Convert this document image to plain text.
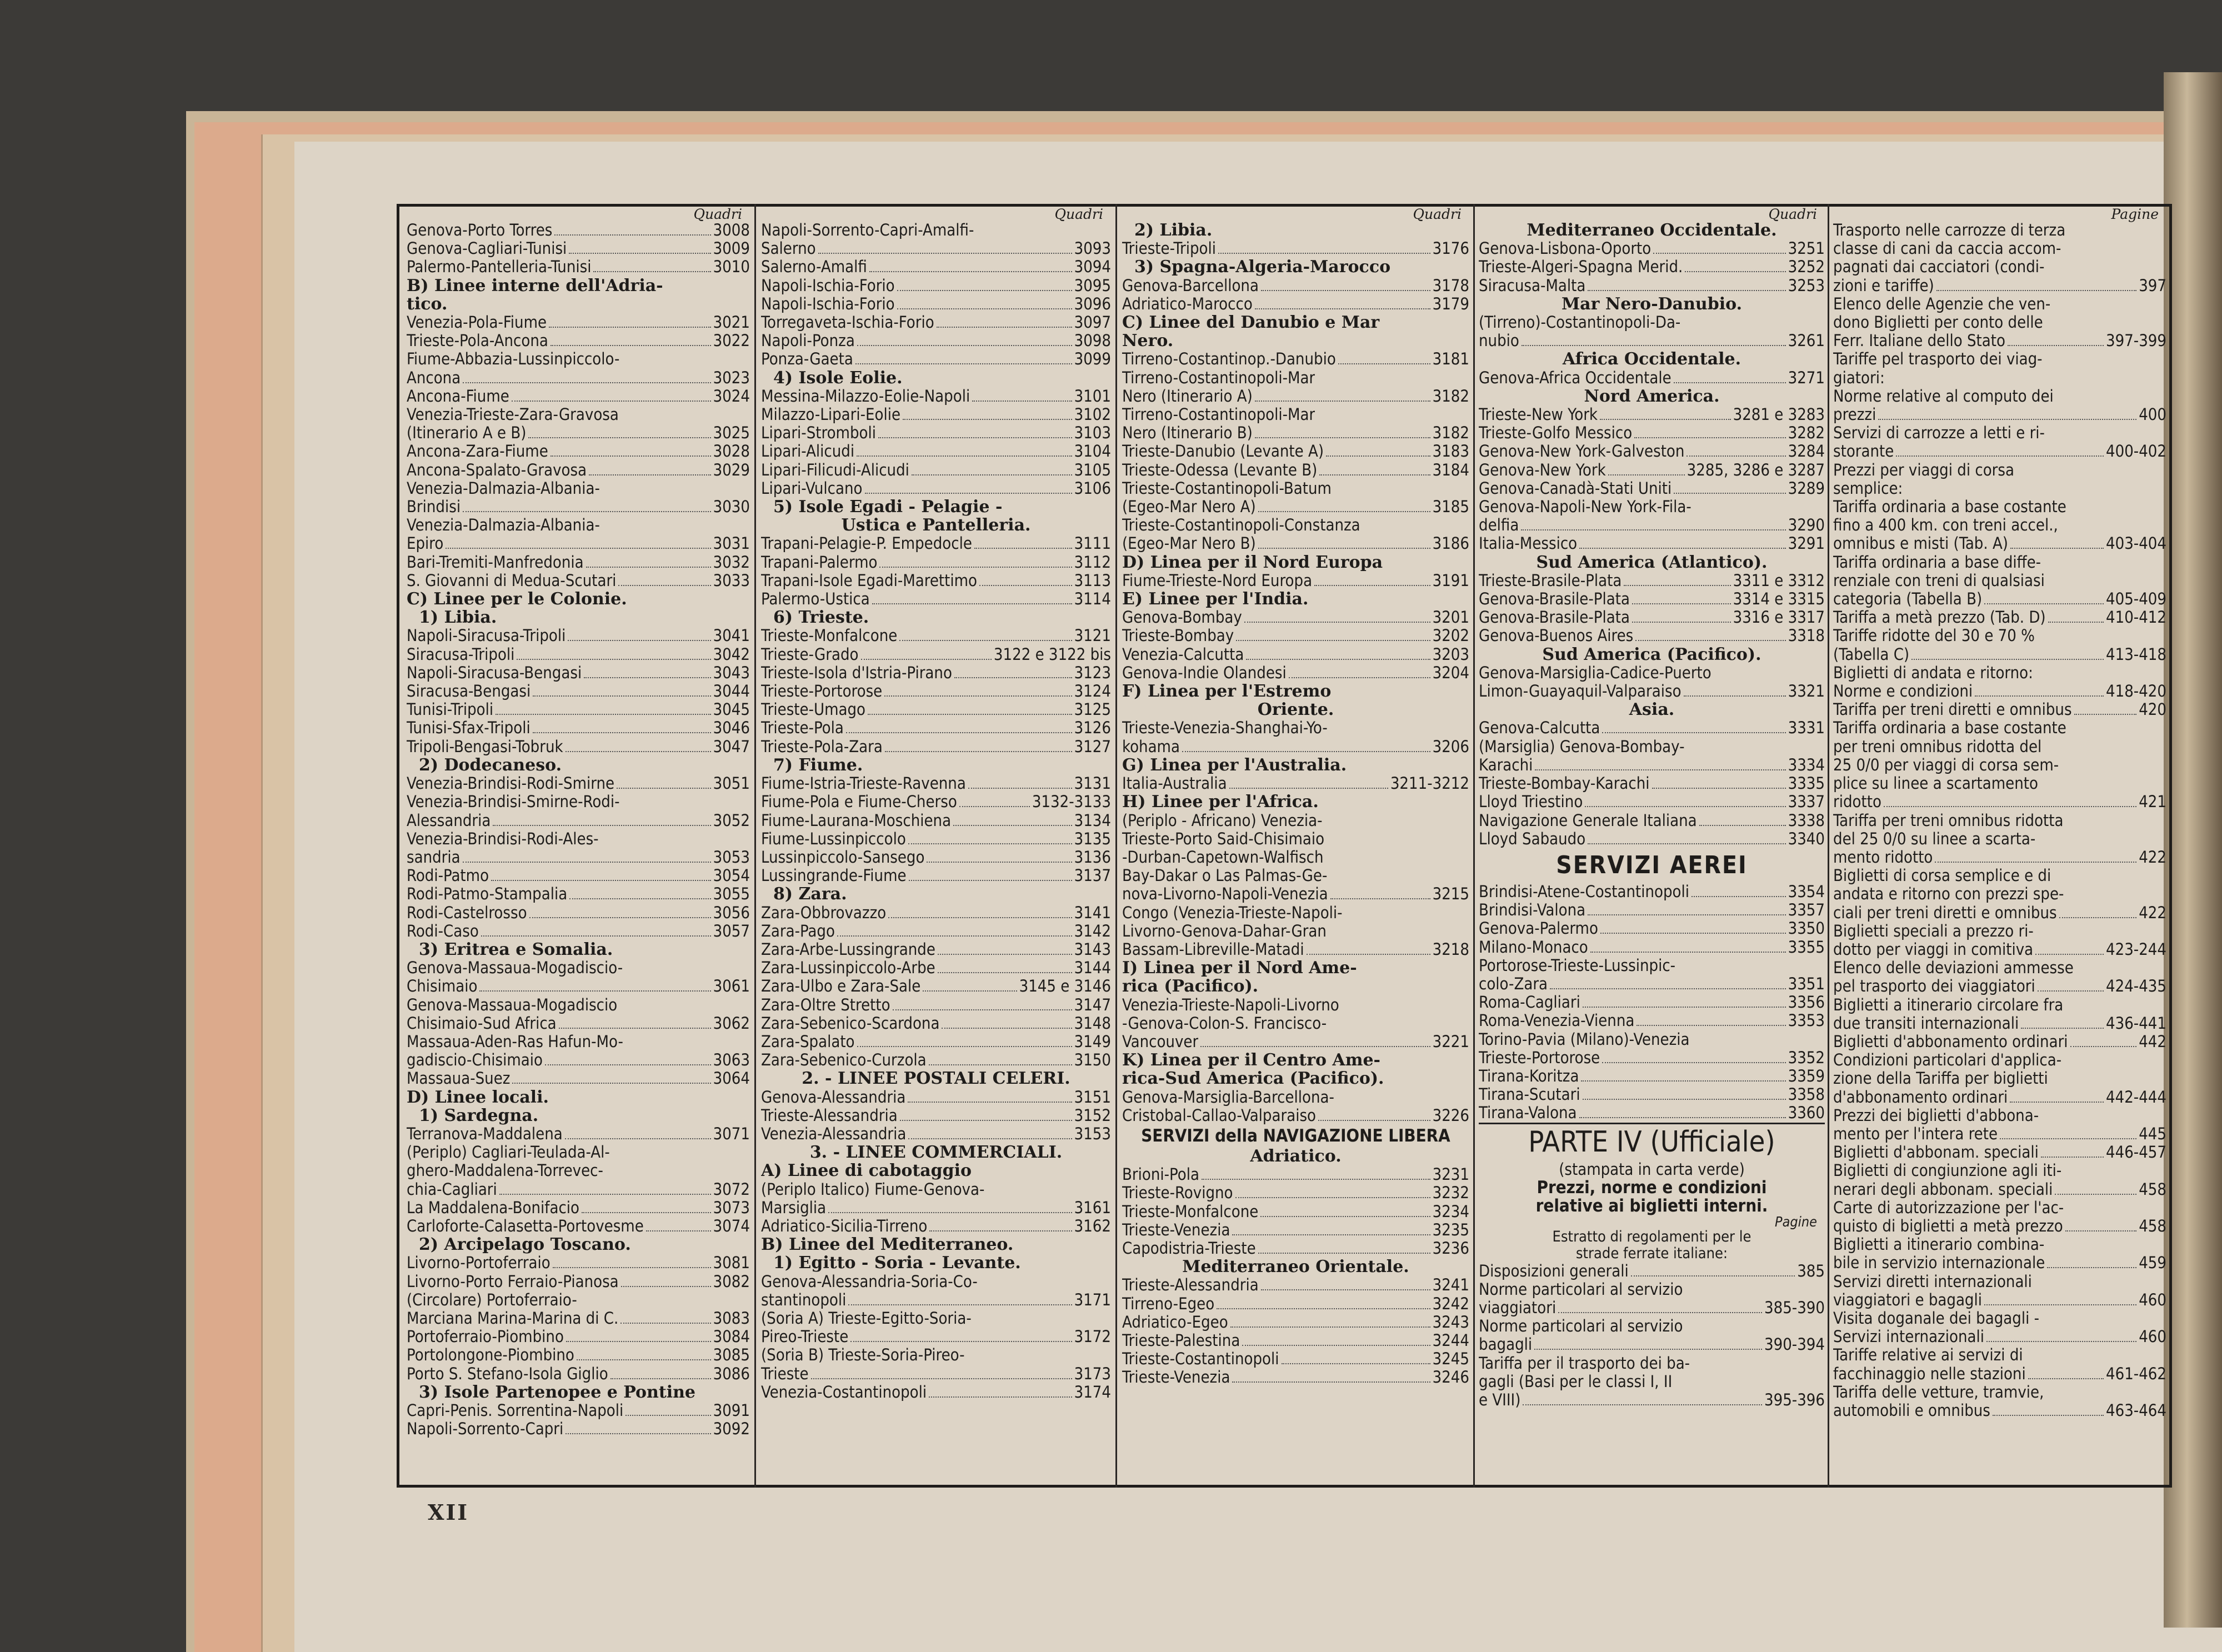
Quadri
Genova-Porto Torres	3008
Genova-Cagliari-Tunisi	3009
Palermo-Pantelleria-Tunisi	3010
B) Linee interne dell'Adria-
tico.
Venezia-Pola-Fiume	3021
Trieste-Pola-Ancona	3022
Fiume-Abbazia-Lussinpiccolo-
Ancona	3023
Ancona-Fiume	3024
Venezia-Trieste-Zara-Gravosa
(Itinerario A e B)	3025
Ancona-Zara-Fiume	3028
Ancona-Spalato-Gravosa	3029
Venezia-Dalmazia-Albania-
Brindisi	3030
Venezia-Dalmazia-Albania-
Epiro	3031
Bari-Tremiti-Manfredonia	3032
S. Giovanni di Medua-Scutari	3033
C) Linee per le Colonie.
1) Libia.
Napoli-Siracusa-Tripoli	3041
Siracusa-Tripoli	3042
Napoli-Siracusa-Bengasi	3043
Siracusa-Bengasi	3044
Tunisi-Tripoli	3045
Tunisi-Sfax-Tripoli	3046
Tripoli-Bengasi-Tobruk	3047
2) Dodecaneso.
Venezia-Brindisi-Rodi-Smirne	3051
Venezia-Brindisi-Smirne-Rodi-
Alessandria	3052
Venezia-Brindisi-Rodi-Ales-
sandria	3053
Rodi-Patmo	3054
Rodi-Patmo-Stampalia	3055
Rodi-Castelrosso	3056
Rodi-Caso	3057
3) Eritrea e Somalia.
Genova-Massaua-Mogadiscio-
Chisimaio	3061
Genova-Massaua-Mogadiscio
Chisimaio-Sud Africa	3062
Massaua-Aden-Ras Hafun-Mo-
gadiscio-Chisimaio	3063
Massaua-Suez	3064
D) Linee locali.
1) Sardegna.
Terranova-Maddalena	3071
(Periplo) Cagliari-Teulada-Al-
ghero-Maddalena-Torrevec-
chia-Cagliari	3072
La Maddalena-Bonifacio	3073
Carloforte-Calasetta-Portovesme	3074
2) Arcipelago Toscano.
Livorno-Portoferraio	3081
Livorno-Porto Ferraio-Pianosa	3082
(Circolare) Portoferraio-
Marciana Marina-Marina di C.	3083
Portoferraio-Piombino	3084
Portolongone-Piombino	3085
Porto S. Stefano-Isola Giglio	3086
3) Isole Partenopee e Pontine
Capri-Penis. Sorrentina-Napoli	3091
Napoli-Sorrento-Capri	3092
Quadri
Napoli-Sorrento-Capri-Amalfi-
Salerno	3093
Salerno-Amalfi	3094
Napoli-Ischia-Forio	3095
Napoli-Ischia-Forio	3096
Torregaveta-Ischia-Forio	3097
Napoli-Ponza	3098
Ponza-Gaeta	3099
4) Isole Eolie.
Messina-Milazzo-Eolie-Napoli	3101
Milazzo-Lipari-Eolie	3102
Lipari-Stromboli	3103
Lipari-Alicudi	3104
Lipari-Filicudi-Alicudi	3105
Lipari-Vulcano	3106
5) Isole Egadi - Pelagie -
Ustica e Pantelleria.
Trapani-Pelagie-P. Empedocle	3111
Trapani-Palermo	3112
Trapani-Isole Egadi-Marettimo	3113
Palermo-Ustica	3114
6) Trieste.
Trieste-Monfalcone	3121
Trieste-Grado	3122 e 3122 bis
Trieste-Isola d'Istria-Pirano	3123
Trieste-Portorose	3124
Trieste-Umago	3125
Trieste-Pola	3126
Trieste-Pola-Zara	3127
7) Fiume.
Fiume-Istria-Trieste-Ravenna	3131
Fiume-Pola e Fiume-Cherso	3132-3133
Fiume-Laurana-Moschiena	3134
Fiume-Lussinpiccolo	3135
Lussinpiccolo-Sansego	3136
Lussingrande-Fiume	3137
8) Zara.
Zara-Obbrovazzo	3141
Zara-Pago	3142
Zara-Arbe-Lussingrande	3143
Zara-Lussinpiccolo-Arbe	3144
Zara-Ulbo e Zara-Sale	3145 e 3146
Zara-Oltre Stretto	3147
Zara-Sebenico-Scardona	3148
Zara-Spalato	3149
Zara-Sebenico-Curzola	3150
2. - LINEE POSTALI CELERI.
Genova-Alessandria	3151
Trieste-Alessandria	3152
Venezia-Alessandria	3153
3. - LINEE COMMERCIALI.
A) Linee di cabotaggio
(Periplo Italico) Fiume-Genova-
Marsiglia	3161
Adriatico-Sicilia-Tirreno	3162
B) Linee del Mediterraneo.
1) Egitto - Soria - Levante.
Genova-Alessandria-Soria-Co-
stantinopoli	3171
(Soria A) Trieste-Egitto-Soria-
Pireo-Trieste	3172
(Soria B) Trieste-Soria-Pireo-
Trieste	3173
Venezia-Costantinopoli	3174
Quadri
2) Libia.
Trieste-Tripoli	3176
3) Spagna-Algeria-Marocco
Genova-Barcellona	3178
Adriatico-Marocco	3179
C) Linee del Danubio e Mar
Nero.
Tirreno-Costantinop.-Danubio	3181
Tirreno-Costantinopoli-Mar
Nero (Itinerario A)	3182
Tirreno-Costantinopoli-Mar
Nero (Itinerario B)	3182
Trieste-Danubio (Levante A)	3183
Trieste-Odessa (Levante B)	3184
Trieste-Costantinopoli-Batum
(Egeo-Mar Nero A)	3185
Trieste-Costantinopoli-Constanza
(Egeo-Mar Nero B)	3186
D) Linea per il Nord Europa
Fiume-Trieste-Nord Europa	3191
E) Linee per l'India.
Genova-Bombay	3201
Trieste-Bombay	3202
Venezia-Calcutta	3203
Genova-Indie Olandesi	3204
F) Linea per l'Estremo
Oriente.
Trieste-Venezia-Shanghai-Yo-
kohama	3206
G) Linea per l'Australia.
Italia-Australia	3211-3212
H) Linee per l'Africa.
(Periplo - Africano) Venezia-
Trieste-Porto Said-Chisimaio
-Durban-Capetown-Walfisch
Bay-Dakar o Las Palmas-Ge-
nova-Livorno-Napoli-Venezia	3215
Congo (Venezia-Trieste-Napoli-
Livorno-Genova-Dahar-Gran
Bassam-Libreville-Matadi	3218
I) Linea per il Nord Ame-
rica (Pacifico).
Venezia-Trieste-Napoli-Livorno
-Genova-Colon-S. Francisco-
Vancouver	3221
K) Linea per il Centro Ame-
rica-Sud America (Pacifico).
Genova-Marsiglia-Barcellona-
Cristobal-Callao-Valparaiso	3226
SERVIZI della NAVIGAZIONE LIBERA
Adriatico.
Brioni-Pola	3231
Trieste-Rovigno	3232
Trieste-Monfalcone	3234
Trieste-Venezia	3235
Capodistria-Trieste	3236
Mediterraneo Orientale.
Trieste-Alessandria	3241
Tirreno-Egeo	3242
Adriatico-Egeo	3243
Trieste-Palestina	3244
Trieste-Costantinopoli	3245
Trieste-Venezia	3246
Quadri
Mediterraneo Occidentale.
Genova-Lisbona-Oporto	3251
Trieste-Algeri-Spagna Merid.	3252
Siracusa-Malta	3253
Mar Nero-Danubio.
(Tirreno)-Costantinopoli-Da-
nubio	3261
Africa Occidentale.
Genova-Africa Occidentale	3271
Nord America.
Trieste-New York	3281 e 3283
Trieste-Golfo Messico	3282
Genova-New York-Galveston	3284
Genova-New York	3285, 3286 e 3287
Genova-Canadà-Stati Uniti	3289
Genova-Napoli-New York-Fila-
delfia	3290
Italia-Messico	3291
Sud America (Atlantico).
Trieste-Brasile-Plata	3311 e 3312
Genova-Brasile-Plata	3314 e 3315
Genova-Brasile-Plata	3316 e 3317
Genova-Buenos Aires	3318
Sud America (Pacifico).
Genova-Marsiglia-Cadice-Puerto
Limon-Guayaquil-Valparaiso	3321
Asia.
Genova-Calcutta	3331
(Marsiglia) Genova-Bombay-
Karachi	3334
Trieste-Bombay-Karachi	3335
Lloyd Triestino	3337
Navigazione Generale Italiana	3338
Lloyd Sabaudo	3340
SERVIZI AEREI
Brindisi-Atene-Costantinopoli	3354
Brindisi-Valona	3357
Genova-Palermo	3350
Milano-Monaco	3355
Portorose-Trieste-Lussinpic-
colo-Zara	3351
Roma-Cagliari	3356
Roma-Venezia-Vienna	3353
Torino-Pavia (Milano)-Venezia
Trieste-Portorose	3352
Tirana-Koritza	3359
Tirana-Scutari	3358
Tirana-Valona	3360
PARTE IV (Ufficiale)
(stampata in carta verde)
Prezzi, norme e condizioni
relative ai biglietti interni.
Pagine
Estratto di regolamenti per le
strade ferrate italiane:
Disposizioni generali	385
Norme particolari al servizio
viaggiatori	385-390
Norme particolari al servizio
bagagli	390-394
Tariffa per il trasporto dei ba-
gagli (Basi per le classi I, II
e VIII)	395-396
Pagine
Trasporto nelle carrozze di terza
classe di cani da caccia accom-
pagnati dai cacciatori (condi-
zioni e tariffe)	397
Elenco delle Agenzie che ven-
dono Biglietti per conto delle
Ferr. Italiane dello Stato	397-399
Tariffe pel trasporto dei viag-
giatori:
Norme relative al computo dei
prezzi	400
Servizi di carrozze a letti e ri-
storante	400-402
Prezzi per viaggi di corsa
semplice:
Tariffa ordinaria a base costante
fino a 400 km. con treni accel.,
omnibus e misti (Tab. A)	403-404
Tariffa ordinaria a base diffe-
renziale con treni di qualsiasi
categoria (Tabella B)	405-409
Tariffa a metà prezzo (Tab. D)	410-412
Tariffe ridotte del 30 e 70 %
(Tabella C)	413-418
Biglietti di andata e ritorno:
Norme e condizioni	418-420
Tariffa per treni diretti e omnibus	420
Tariffa ordinaria a base costante
per treni omnibus ridotta del
25 0/0 per viaggi di corsa sem-
plice su linee a scartamento
ridotto	421
Tariffa per treni omnibus ridotta
del 25 0/0 su linee a scarta-
mento ridotto	422
Biglietti di corsa semplice e di
andata e ritorno con prezzi spe-
ciali per treni diretti e omnibus	422
Biglietti speciali a prezzo ri-
dotto per viaggi in comitiva	423-244
Elenco delle deviazioni ammesse
pel trasporto dei viaggiatori	424-435
Biglietti a itinerario circolare fra
due transiti internazionali	436-441
Biglietti d'abbonamento ordinari	442
Condizioni particolari d'applica-
zione della Tariffa per biglietti
d'abbonamento ordinari	442-444
Prezzi dei biglietti d'abbona-
mento per l'intera rete	445
Biglietti d'abbonam. speciali	446-457
Biglietti di congiunzione agli iti-
nerari degli abbonam. speciali	458
Carte di autorizzazione per l'ac-
quisto di biglietti a metà prezzo	458
Biglietti a itinerario combina-
bile in servizio internazionale	459
Servizi diretti internazionali
viaggiatori e bagagli	460
Visita doganale dei bagagli -
Servizi internazionali	460
Tariffe relative ai servizi di
facchinaggio nelle stazioni	461-462
Tariffa delle vetture, tramvie,
automobili e omnibus	463-464
XII
